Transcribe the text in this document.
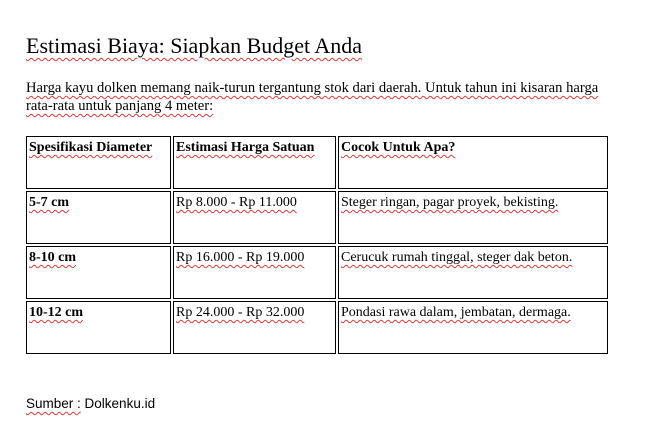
Estimasi Biaya: Siapkan Budget Anda
Harga kayu dolken memang naik-turun tergantung stok dari daerah. Untuk tahun ini kisaran harga rata-rata untuk panjang 4 meter:
Spesifikasi Diameter	Estimasi Harga Satuan	Cocok Untuk Apa?
5-7 cm	Rp 8.000 - Rp 11.000	Steger ringan, pagar proyek, bekisting.
8-10 cm	Rp 16.000 - Rp 19.000	Cerucuk rumah tinggal, steger dak beton.
10-12 cm	Rp 24.000 - Rp 32.000	Pondasi rawa dalam, jembatan, dermaga.
Sumber : Dolkenku.id
